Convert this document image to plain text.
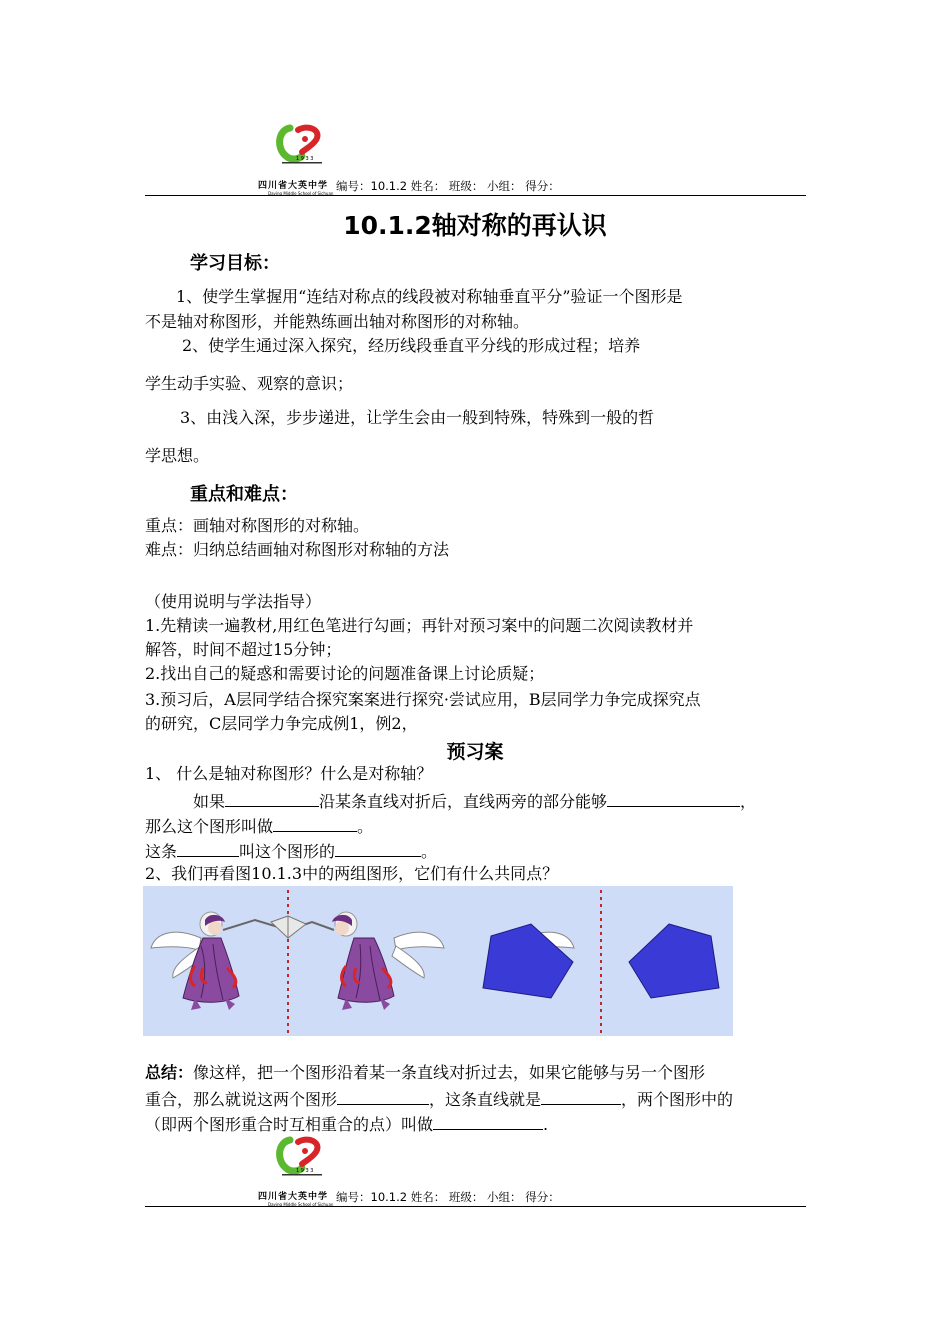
1 9 3 3
四川省大英中学
Daying Middle School of Sichuan
编号：10.1.2 姓名： 班级： 小组： 得分：
10.1.2轴对称的再认识
学习目标：
1、使学生掌握用“连结对称点的线段被对称轴垂直平分”验证一个图形是
不是轴对称图形，并能熟练画出轴对称图形的对称轴。
2、使学生通过深入探究，经历线段垂直平分线的形成过程；培养
学生动手实验、观察的意识；
3、由浅入深，步步递进，让学生会由一般到特殊，特殊到一般的哲
学思想。
重点和难点：
重点：画轴对称图形的对称轴。
难点：归纳总结画轴对称图形对称轴的方法
（使用说明与学法指导）
1.先精读一遍教材,用红色笔进行勾画；再针对预习案中的问题二次阅读教材并
解答，时间不超过15分钟；
2.找出自己的疑惑和需要讨论的问题准备课上讨论质疑；
3.预习后，A层同学结合探究案案进行探究·尝试应用，B层同学力争完成探究点
的研究，C层同学力争完成例1，例2，
预习案
1、 什么是轴对称图形？什么是对称轴？
如果	沿某条直线对折后，直线两旁的部分能够	，
那么这个图形叫做	。
这条	叫这个图形的	。
2、我们再看图10.1.3中的两组图形，它们有什么共同点？
总结：像这样，把一个图形沿着某一条直线对折过去，如果它能够与另一个图形
重合，那么就说这两个图形	，这条直线就是	，两个图形中的
（即两个图形重合时互相重合的点）叫做	.
1 9 3 3
四川省大英中学
Daying Middle School of Sichuan
编号：10.1.2 姓名： 班级： 小组： 得分：
